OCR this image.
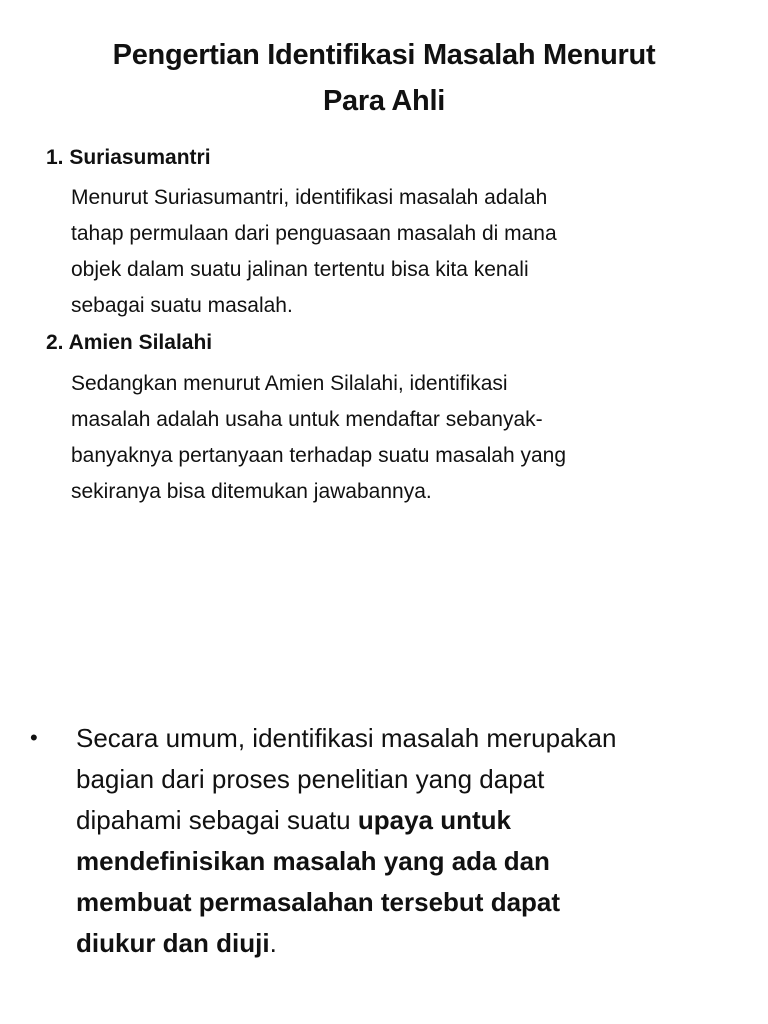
Pengertian Identifikasi Masalah Menurut
Para Ahli
1. Suriasumantri
Menurut Suriasumantri, identifikasi masalah adalah
tahap permulaan dari penguasaan masalah di mana
objek dalam suatu jalinan tertentu bisa kita kenali
sebagai suatu masalah.
2. Amien Silalahi
Sedangkan menurut Amien Silalahi, identifikasi
masalah adalah usaha untuk mendaftar sebanyak-
banyaknya pertanyaan terhadap suatu masalah yang
sekiranya bisa ditemukan jawabannya.
• Secara umum, identifikasi masalah merupakan
bagian dari proses penelitian yang dapat
dipahami sebagai suatu upaya untuk
mendefinisikan masalah yang ada dan
membuat permasalahan tersebut dapat
diukur dan diuji.
